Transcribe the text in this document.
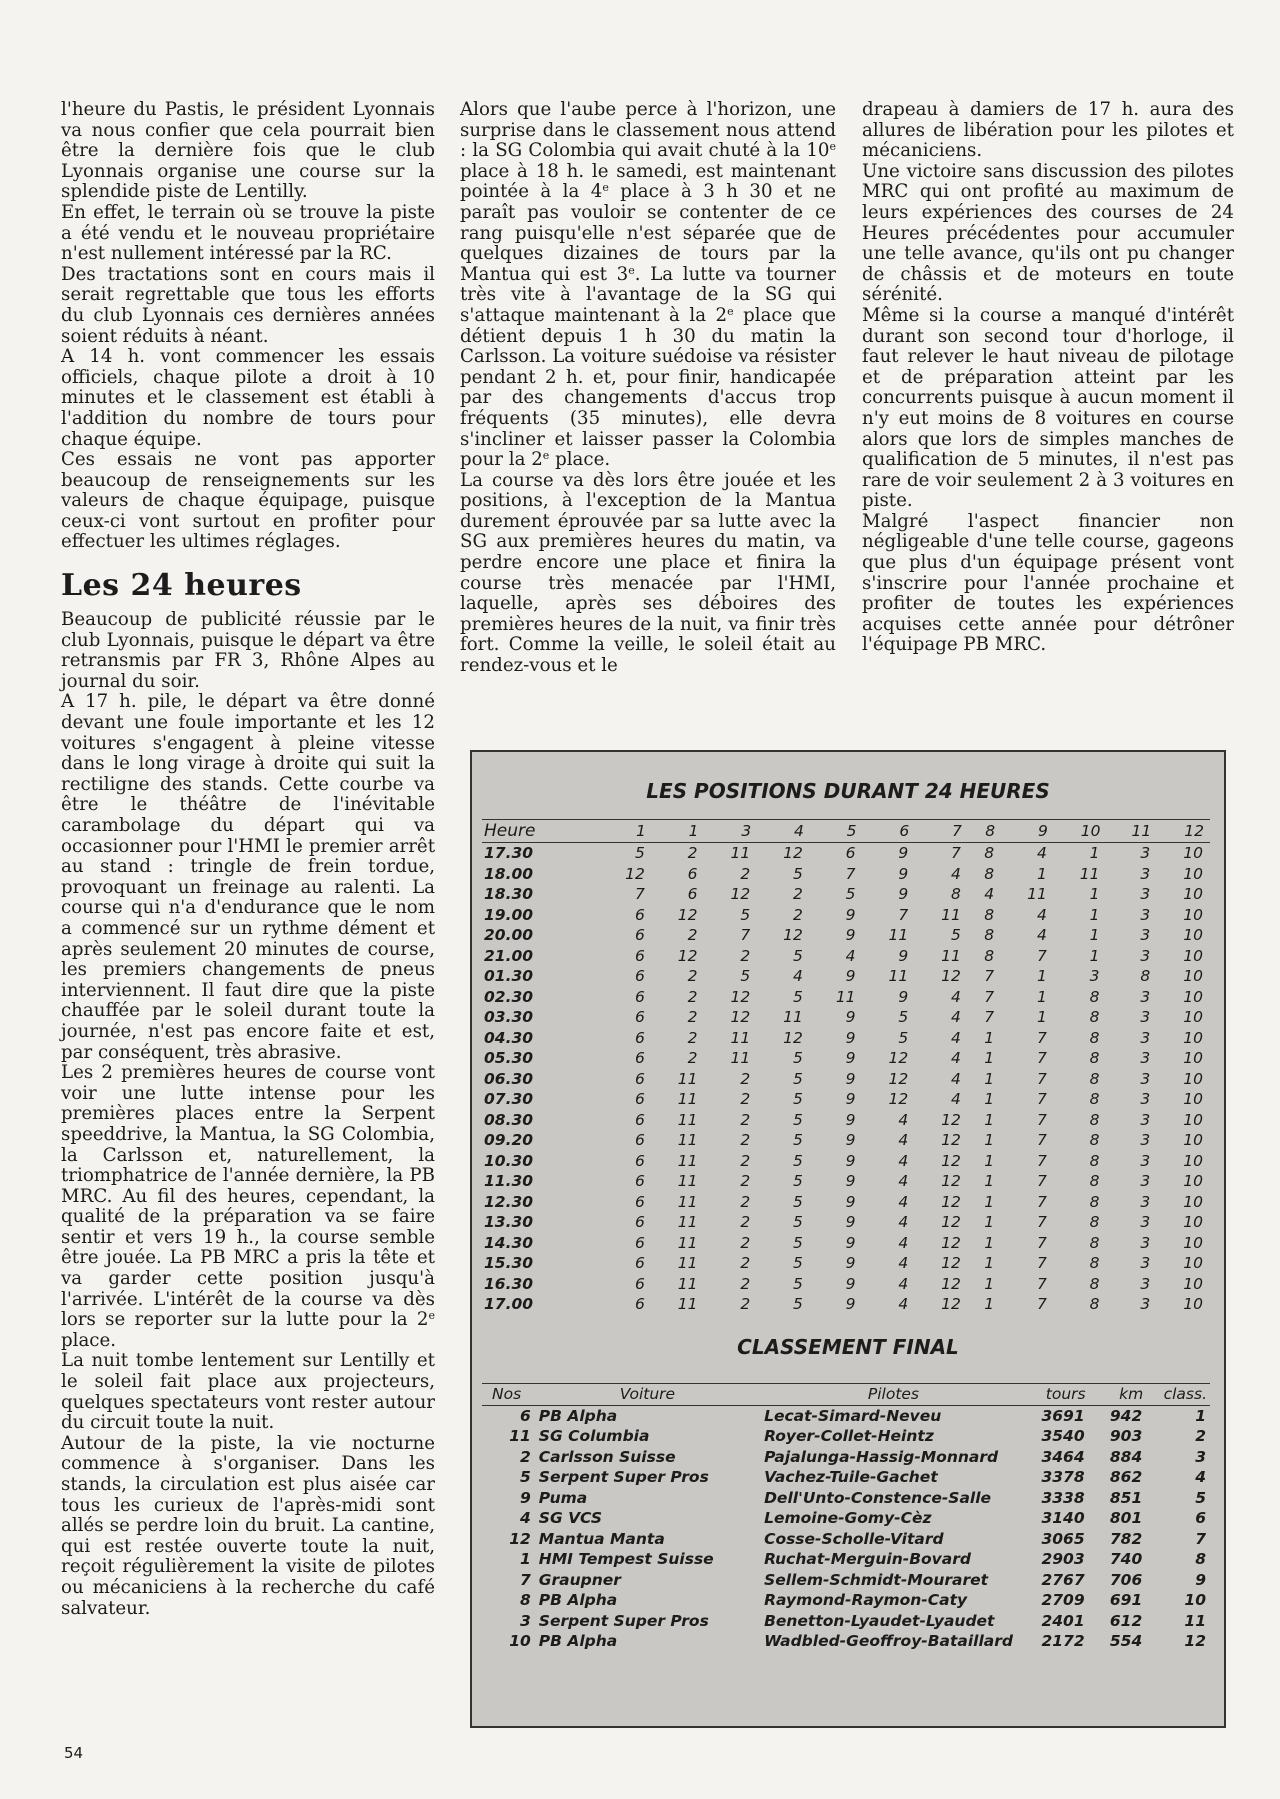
l'heure du Pastis, le président Lyonnais va nous confier que cela pourrait bien être la dernière fois que le club Lyonnais organise une course sur la splendide piste de Lentilly.

En effet, le terrain où se trouve la piste a été vendu et le nouveau propriétaire n'est nullement intéressé par la RC.

Des tractations sont en cours mais il serait regrettable que tous les efforts du club Lyonnais ces dernières années soient réduits à néant.

A 14 h. vont commencer les essais officiels, chaque pilote a droit à 10 minutes et le classement est établi à l'addition du nombre de tours pour chaque équipe.

Ces essais ne vont pas apporter beaucoup de renseignements sur les valeurs de chaque équipage, puisque ceux-ci vont surtout en profiter pour effectuer les ultimes réglages.

Les 24 heures

Beaucoup de publicité réussie par le club Lyonnais, puisque le départ va être retransmis par FR 3, Rhône Alpes au journal du soir.

A 17 h. pile, le départ va être donné devant une foule importante et les 12 voitures s'engagent à pleine vitesse dans le long virage à droite qui suit la rectiligne des stands. Cette courbe va être le théâtre de l'inévitable carambolage du départ qui va occasionner pour l'HMI le premier arrêt au stand : tringle de frein tordue, provoquant un freinage au ralenti. La course qui n'a d'endurance que le nom a commencé sur un rythme dément et après seulement 20 minutes de course, les premiers changements de pneus interviennent. Il faut dire que la piste chauffée par le soleil durant toute la journée, n'est pas encore faite et est, par conséquent, très abrasive.

Les 2 premières heures de course vont voir une lutte intense pour les premières places entre la Serpent speeddrive, la Mantua, la SG Colombia, la Carlsson et, naturellement, la triomphatrice de l'année dernière, la PB MRC. Au fil des heures, cependant, la qualité de la préparation va se faire sentir et vers 19 h., la course semble être jouée. La PB MRC a pris la tête et va garder cette position jusqu'à l'arrivée. L'intérêt de la course va dès lors se reporter sur la lutte pour la 2e place.

La nuit tombe lentement sur Lentilly et le soleil fait place aux projecteurs, quelques spectateurs vont rester autour du circuit toute la nuit.

Autour de la piste, la vie nocturne commence à s'organiser. Dans les stands, la circulation est plus aisée car tous les curieux de l'après-midi sont allés se perdre loin du bruit. La cantine, qui est restée ouverte toute la nuit, reçoit régulièrement la visite de pilotes ou mécaniciens à la recherche du café salvateur.

Alors que l'aube perce à l'horizon, une surprise dans le classement nous attend : la SG Colombia qui avait chuté à la 10e place à 18 h. le samedi, est maintenant pointée à la 4e place à 3 h 30 et ne paraît pas vouloir se contenter de ce rang puisqu'elle n'est séparée que de quelques dizaines de tours par la Mantua qui est 3e. La lutte va tourner très vite à l'avantage de la SG qui s'attaque maintenant à la 2e place que détient depuis 1 h 30 du matin la Carlsson. La voiture suédoise va résister pendant 2 h. et, pour finir, handicapée par des changements d'accus trop fréquents (35 minutes), elle devra s'incliner et laisser passer la Colombia pour la 2e place.

La course va dès lors être jouée et les positions, à l'exception de la Mantua durement éprouvée par sa lutte avec la SG aux premières heures du matin, va perdre encore une place et finira la course très menacée par l'HMI, laquelle, après ses déboires des premières heures de la nuit, va finir très fort. Comme la veille, le soleil était au rendez-vous et le

drapeau à damiers de 17 h. aura des allures de libération pour les pilotes et mécaniciens.

Une victoire sans discussion des pilotes MRC qui ont profité au maximum de leurs expériences des courses de 24 Heures précédentes pour accumuler une telle avance, qu'ils ont pu changer de châssis et de moteurs en toute sérénité.

Même si la course a manqué d'intérêt durant son second tour d'horloge, il faut relever le haut niveau de pilotage et de préparation atteint par les concurrents puisque à aucun moment il n'y eut moins de 8 voitures en course alors que lors de simples manches de qualification de 5 minutes, il n'est pas rare de voir seulement 2 à 3 voitures en piste.

Malgré l'aspect financier non négligeable d'une telle course, gageons que plus d'un équipage présent vont s'inscrire pour l'année prochaine et profiter de toutes les expériences acquises cette année pour détrôner l'équipage PB MRC.

LES POSITIONS DURANT 24 HEURES
Heure	1	1	3	4	5	6	7	8	9	10	11	12
17.30	5	2	11	12	6	9	7	8	4	1	3	10
18.00	12	6	2	5	7	9	4	8	1	11	3	10
18.30	7	6	12	2	5	9	8	4	11	1	3	10
19.00	6	12	5	2	9	7	11	8	4	1	3	10
20.00	6	2	7	12	9	11	5	8	4	1	3	10
21.00	6	12	2	5	4	9	11	8	7	1	3	10
01.30	6	2	5	4	9	11	12	7	1	3	8	10
02.30	6	2	12	5	11	9	4	7	1	8	3	10
03.30	6	2	12	11	9	5	4	7	1	8	3	10
04.30	6	2	11	12	9	5	4	1	7	8	3	10
05.30	6	2	11	5	9	12	4	1	7	8	3	10
06.30	6	11	2	5	9	12	4	1	7	8	3	10
07.30	6	11	2	5	9	12	4	1	7	8	3	10
08.30	6	11	2	5	9	4	12	1	7	8	3	10
09.20	6	11	2	5	9	4	12	1	7	8	3	10
10.30	6	11	2	5	9	4	12	1	7	8	3	10
11.30	6	11	2	5	9	4	12	1	7	8	3	10
12.30	6	11	2	5	9	4	12	1	7	8	3	10
13.30	6	11	2	5	9	4	12	1	7	8	3	10
14.30	6	11	2	5	9	4	12	1	7	8	3	10
15.30	6	11	2	5	9	4	12	1	7	8	3	10
16.30	6	11	2	5	9	4	12	1	7	8	3	10
17.00	6	11	2	5	9	4	12	1	7	8	3	10
CLASSEMENT FINAL
Nos	Voiture	Pilotes	tours	km	class.
6	PB Alpha	Lecat-Simard-Neveu	3691	942	1
11	SG Columbia	Royer-Collet-Heintz	3540	903	2
2	Carlsson Suisse	Pajalunga-Hassig-Monnard	3464	884	3
5	Serpent Super Pros	Vachez-Tuile-Gachet	3378	862	4
9	Puma	Dell'Unto-Constence-Salle	3338	851	5
4	SG VCS	Lemoine-Gomy-Cèz	3140	801	6
12	Mantua Manta	Cosse-Scholle-Vitard	3065	782	7
1	HMI Tempest Suisse	Ruchat-Merguin-Bovard	2903	740	8
7	Graupner	Sellem-Schmidt-Mouraret	2767	706	9
8	PB Alpha	Raymond-Raymon-Caty	2709	691	10
3	Serpent Super Pros	Benetton-Lyaudet-Lyaudet	2401	612	11
10	PB Alpha	Wadbled-Geoffroy-Bataillard	2172	554	12
54
